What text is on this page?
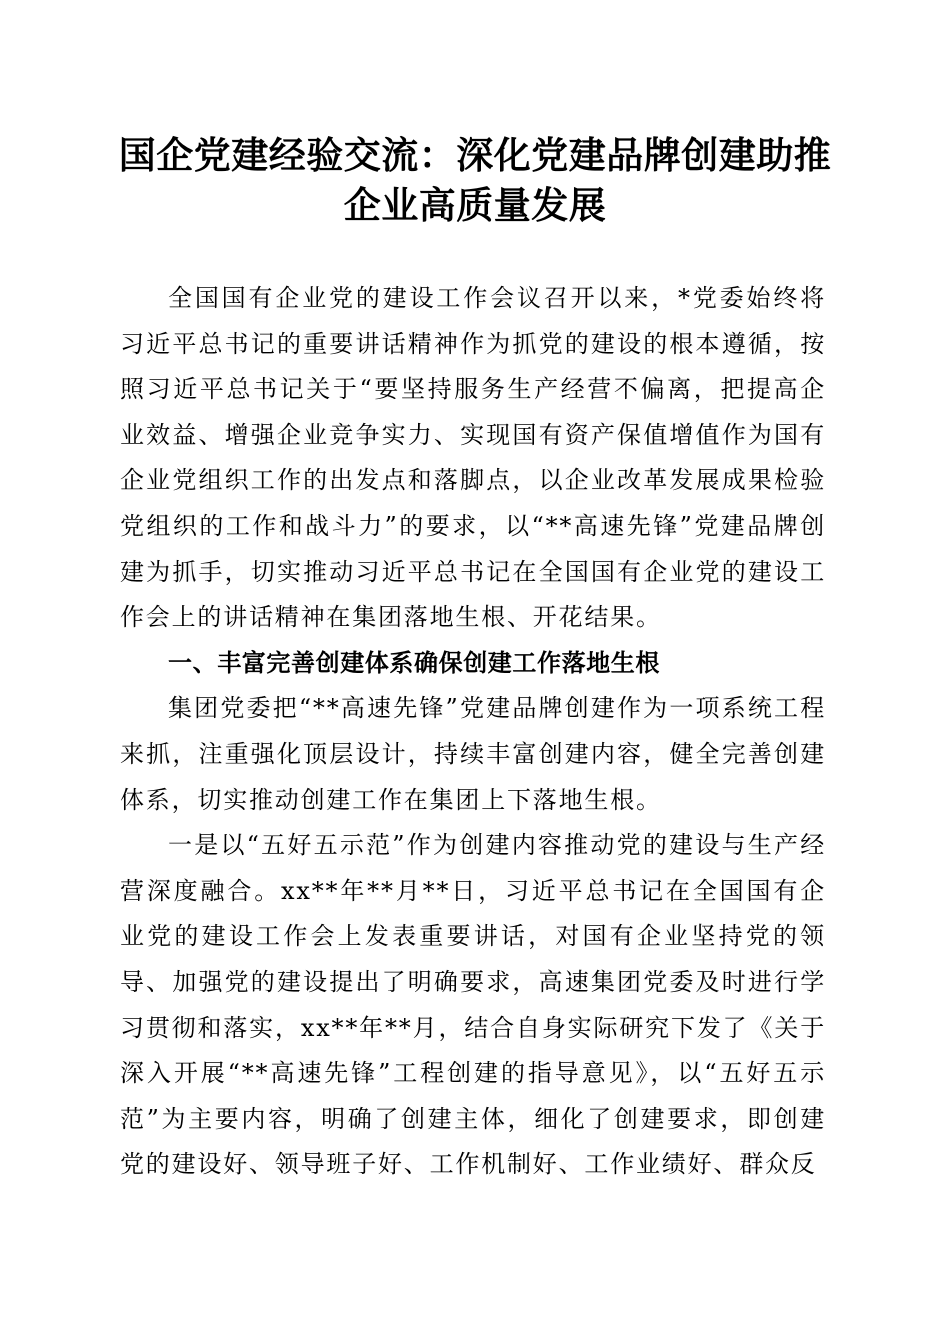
国企党建经验交流：深化党建品牌创建助推企业高质量发展

全国国有企业党的建设工作会议召开以来，*党委始终将习近平总书记的重要讲话精神作为抓党的建设的根本遵循，按照习近平总书记关于“要坚持服务生产经营不偏离，把提高企业效益、增强企业竞争实力、实现国有资产保值增值作为国有企业党组织工作的出发点和落脚点，以企业改革发展成果检验党组织的工作和战斗力”的要求，以“**高速先锋”党建品牌创建为抓手，切实推动习近平总书记在全国国有企业党的建设工作会上的讲话精神在集团落地生根、开花结果。

一、丰富完善创建体系确保创建工作落地生根

集团党委把“**高速先锋”党建品牌创建作为一项系统工程来抓，注重强化顶层设计，持续丰富创建内容，健全完善创建体系，切实推动创建工作在集团上下落地生根。

一是以“五好五示范”作为创建内容推动党的建设与生产经营深度融合。xx**年**月**日，习近平总书记在全国国有企业党的建设工作会上发表重要讲话，对国有企业坚持党的领导、加强党的建设提出了明确要求，高速集团党委及时进行学习贯彻和落实，xx**年**月，结合自身实际研究下发了《关于深入开展“**高速先锋”工程创建的指导意见》，以“五好五示范”为主要内容，明确了创建主体，细化了创建要求，即创建党的建设好、领导班子好、工作机制好、工作业绩好、群众反
